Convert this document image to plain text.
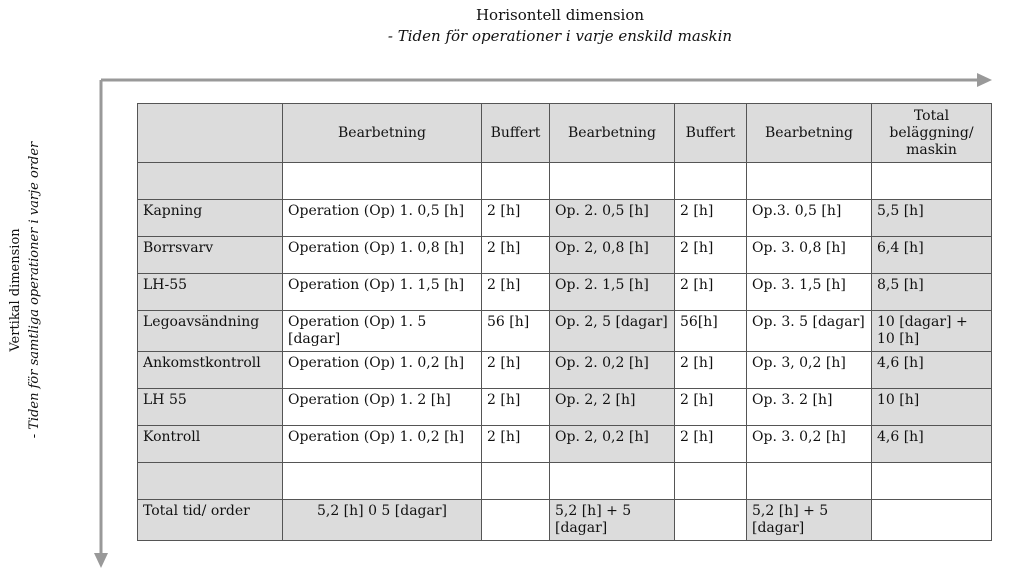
Horisontell dimension
- Tiden för operationer i varje enskild maskin
Vertikal dimension - Tiden för samtliga operationer i varje order
	Bearbetning	Buffert	Bearbetning	Buffert	Bearbetning	Total beläggning/ maskin

Kapning	Operation (Op) 1. 0,5 [h]	2 [h]	Op. 2. 0,5 [h]	2 [h]	Op.3. 0,5 [h]	5,5 [h]
Borrsvarv	Operation (Op) 1. 0,8 [h]	2 [h]	Op. 2, 0,8 [h]	2 [h]	Op. 3. 0,8 [h]	6,4 [h]
LH-55	Operation (Op) 1. 1,5 [h]	2 [h]	Op. 2. 1,5 [h]	2 [h]	Op. 3. 1,5 [h]	8,5 [h]
Legoavsändning	Operation (Op) 1. 5 [dagar]	56 [h]	Op. 2, 5 [dagar]	56[h]	Op. 3. 5 [dagar]	10 [dagar] + 10 [h]
Ankomstkontroll	Operation (Op) 1. 0,2 [h]	2 [h]	Op. 2. 0,2 [h]	2 [h]	Op. 3, 0,2 [h]	4,6 [h]
LH 55	Operation (Op) 1. 2 [h]	2 [h]	Op. 2, 2 [h]	2 [h]	Op. 3. 2 [h]	10 [h]
Kontroll	Operation (Op) 1. 0,2 [h]	2 [h]	Op. 2, 0,2 [h]	2 [h]	Op. 3. 0,2 [h]	4,6 [h]

Total tid/ order	5,2 [h] 0 5 [dagar]		5,2 [h] + 5 [dagar]		5,2 [h] + 5 [dagar]	
